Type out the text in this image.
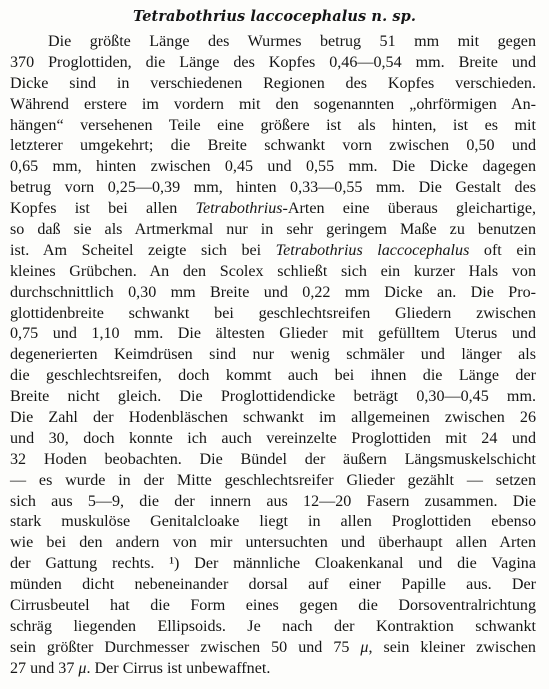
Tetrabothrius laccocephalus n. sp.
Die größte Länge des Wurmes betrug 51 mm mit gegen
370 Proglottiden, die Länge des Kopfes 0,46—0,54 mm. Breite und
Dicke sind in verschiedenen Regionen des Kopfes verschieden.
Während erstere im vordern mit den sogenannten „ohrförmigen An-
hängen“ versehenen Teile eine größere ist als hinten, ist es mit
letzterer umgekehrt; die Breite schwankt vorn zwischen 0,50 und
0,65 mm, hinten zwischen 0,45 und 0,55 mm. Die Dicke dagegen
betrug vorn 0,25—0,39 mm, hinten 0,33—0,55 mm. Die Gestalt des
Kopfes ist bei allen Tetrabothrius-Arten eine überaus gleichartige,
so daß sie als Artmerkmal nur in sehr geringem Maße zu benutzen
ist. Am Scheitel zeigte sich bei Tetrabothrius laccocephalus oft ein
kleines Grübchen. An den Scolex schließt sich ein kurzer Hals von
durchschnittlich 0,30 mm Breite und 0,22 mm Dicke an. Die Pro-
glottidenbreite schwankt bei geschlechtsreifen Gliedern zwischen
0,75 und 1,10 mm. Die ältesten Glieder mit gefülltem Uterus und
degenerierten Keimdrüsen sind nur wenig schmäler und länger als
die geschlechtsreifen, doch kommt auch bei ihnen die Länge der
Breite nicht gleich. Die Proglottidendicke beträgt 0,30—0,45 mm.
Die Zahl der Hodenbläschen schwankt im allgemeinen zwischen 26
und 30, doch konnte ich auch vereinzelte Proglottiden mit 24 und
32 Hoden beobachten. Die Bündel der äußern Längsmuskelschicht
— es wurde in der Mitte geschlechtsreifer Glieder gezählt — setzen
sich aus 5—9, die der innern aus 12—20 Fasern zusammen. Die
stark muskulöse Genitalcloake liegt in allen Proglottiden ebenso
wie bei den andern von mir untersuchten und überhaupt allen Arten
der Gattung rechts. ¹) Der männliche Cloakenkanal und die Vagina
münden dicht nebeneinander dorsal auf einer Papille aus. Der
Cirrusbeutel hat die Form eines gegen die Dorsoventralrichtung
schräg liegenden Ellipsoids. Je nach der Kontraktion schwankt
sein größter Durchmesser zwischen 50 und 75 μ, sein kleiner zwischen
27 und 37 μ. Der Cirrus ist unbewaffnet.
